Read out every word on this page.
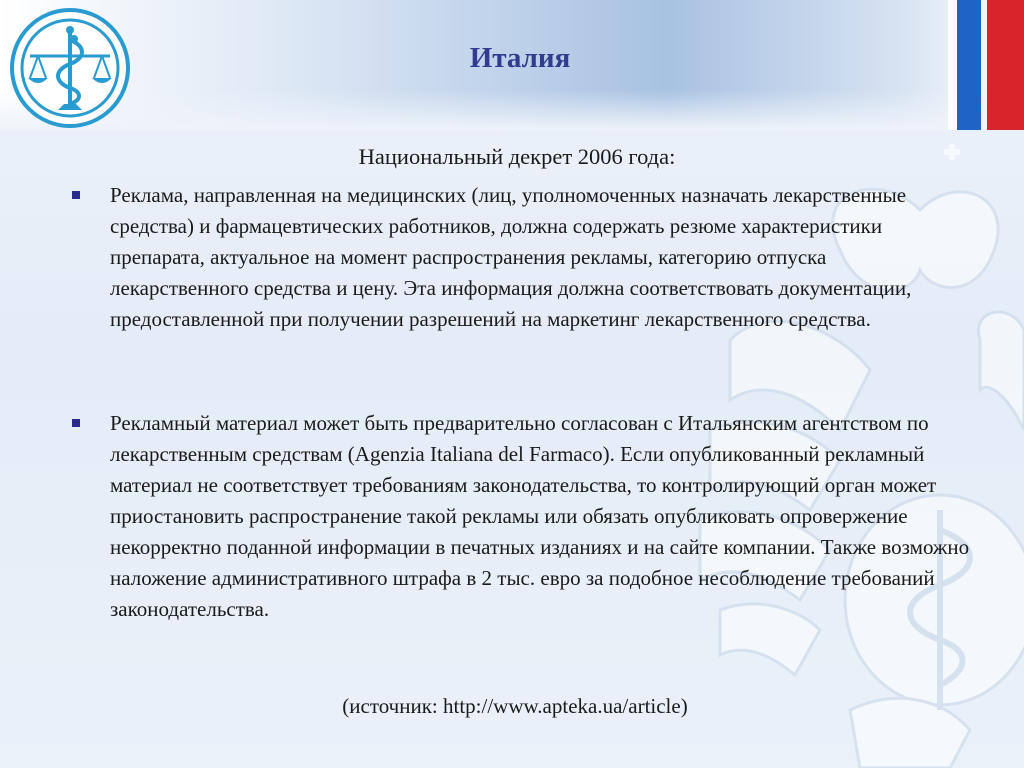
Италия
Национальный декрет 2006 года:
Реклама, направленная на медицинских (лиц, уполномоченных назначать лекарственные средства) и фармацевтических работников, должна содержать резюме характеристики препарата, актуальное на момент распространения рекламы, категорию отпуска лекарственного средства и цену. Эта информация должна соответствовать документации, предоставленной при получении разрешений на маркетинг лекарственного средства.
Рекламный материал может быть предварительно согласован с Итальянским агентством по лекарственным средствам (Agenzia Italiana del Farmaco). Если опубликованный рекламный материал не соответствует требованиям законодательства, то контролирующий орган может приостановить распространение такой рекламы или обязать опубликовать опровержение некорректно поданной информации в печатных изданиях и на сайте компании. Также возможно наложение административного штрафа в 2 тыс. евро за подобное несоблюдение требований законодательства.
(источник: http://www.apteka.ua/article)
